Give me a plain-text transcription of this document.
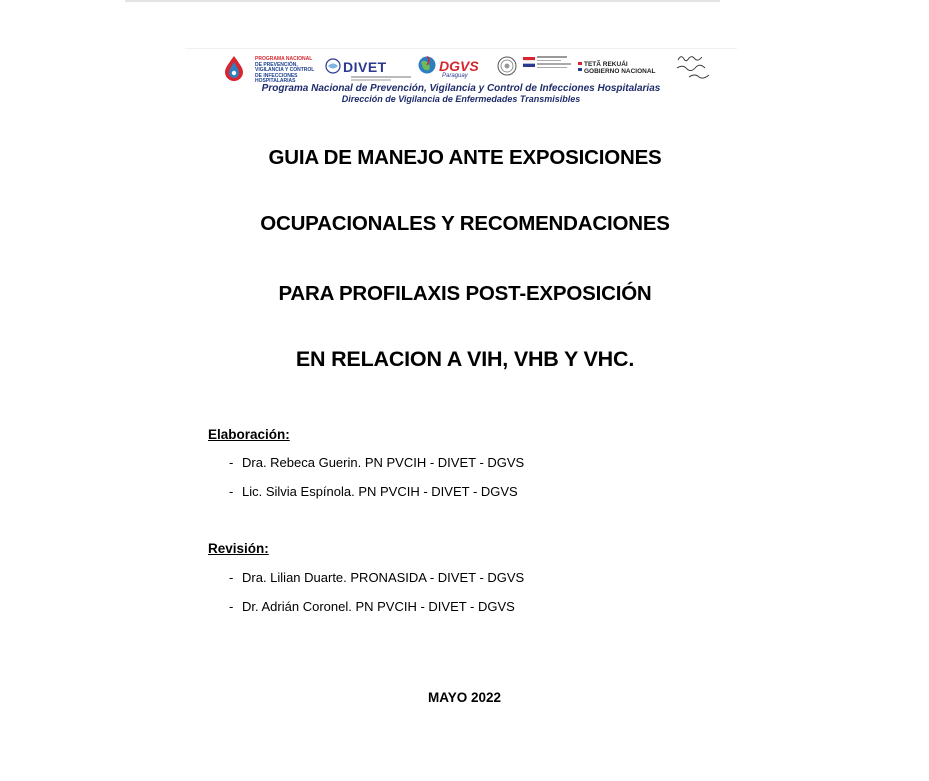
PROGRAMA NACIONAL
DE PREVENCIÓN,
VIGILANCIA Y CONTROL
DE INFECCIONES HOSPITALARIAS
DIVET	DGVS
Paraguay
TETÃ REKUÁI
GOBIERNO NACIONAL
Programa Nacional de Prevención, Vigilancia y Control de Infecciones Hospitalarias
Dirección de Vigilancia de Enfermedades Transmisibles
GUIA DE MANEJO ANTE EXPOSICIONES
OCUPACIONALES Y RECOMENDACIONES
PARA PROFILAXIS POST-EXPOSICIÓN
EN RELACION A VIH, VHB Y VHC.
Elaboración:
- Dra. Rebeca Guerin. PN PVCIH - DIVET - DGVS
- Lic. Silvia Espínola. PN PVCIH - DIVET - DGVS
Revisión:
- Dra. Lilian Duarte. PRONASIDA - DIVET - DGVS
- Dr. Adrián Coronel. PN PVCIH - DIVET - DGVS
MAYO 2022
